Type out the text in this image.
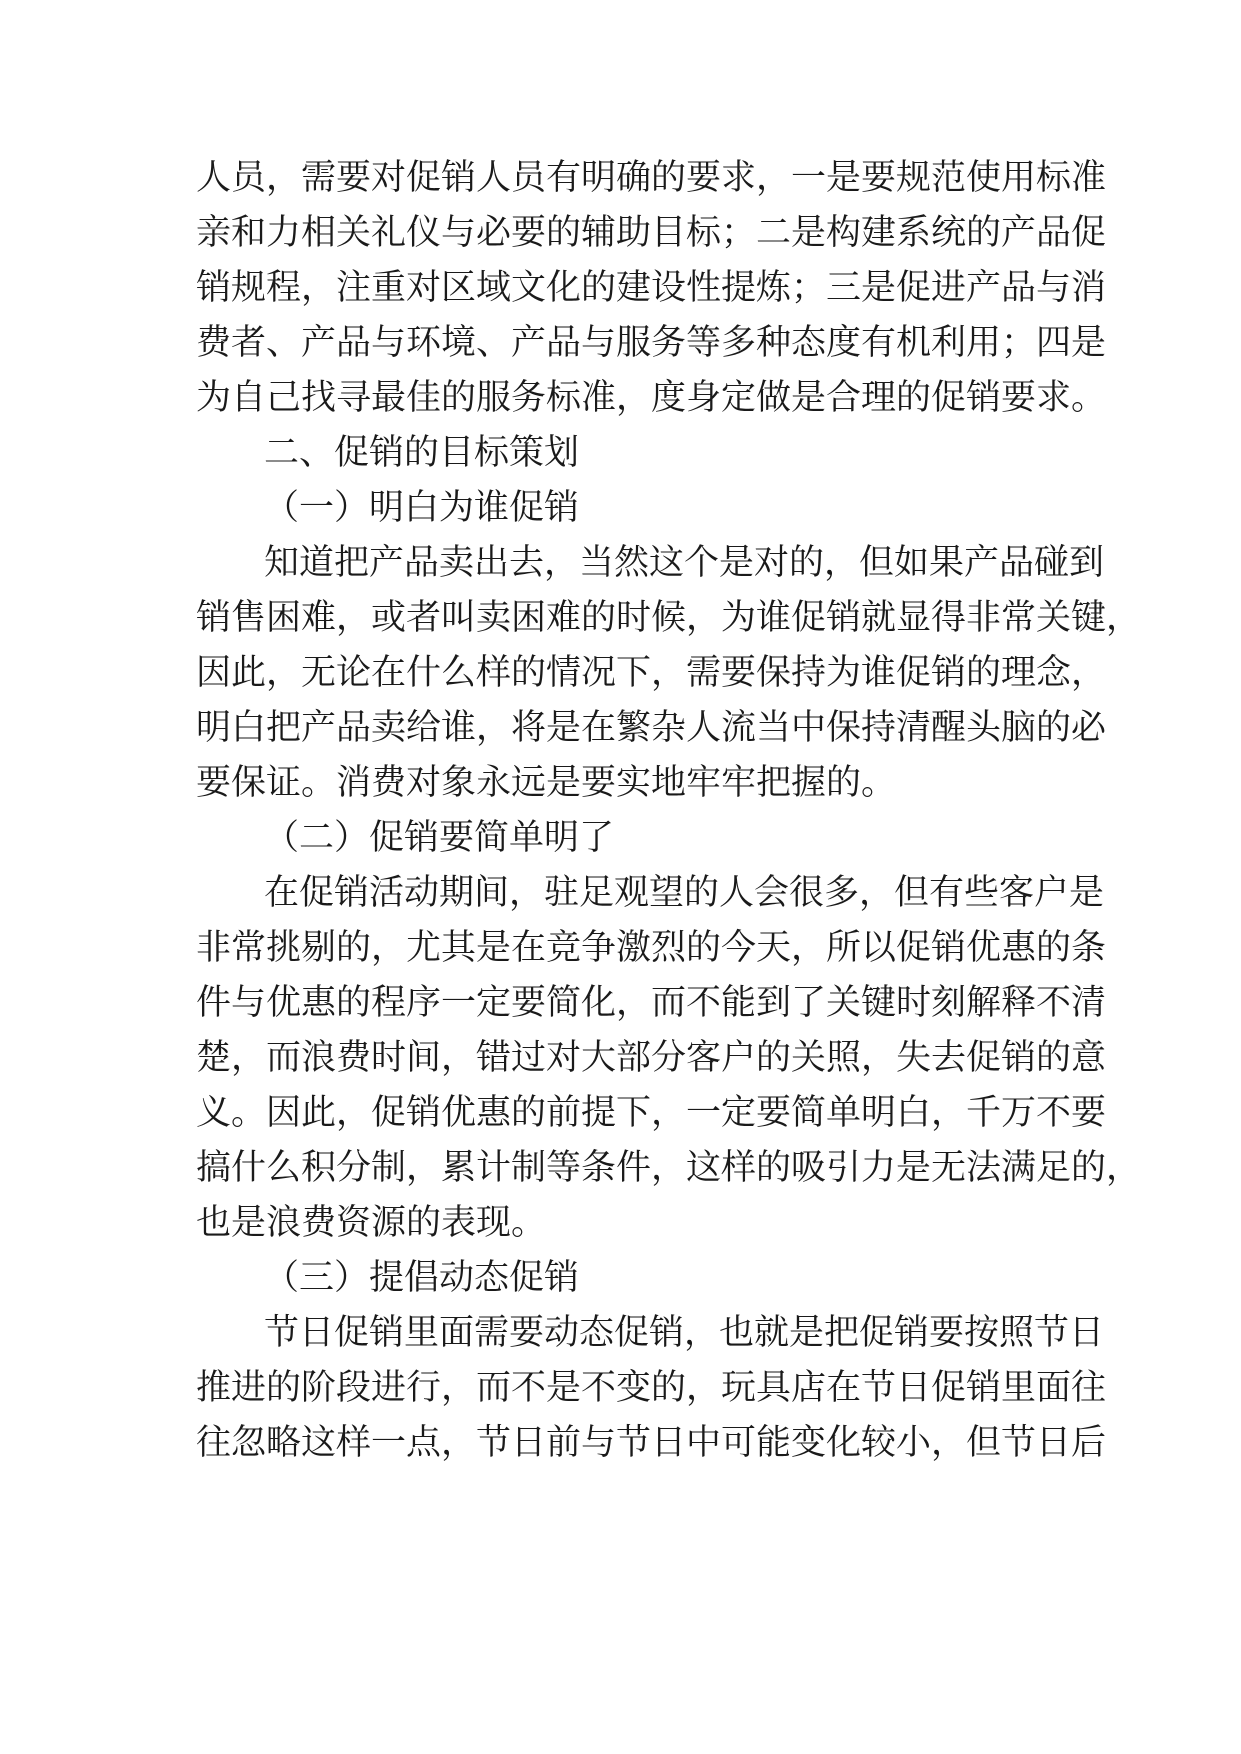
人员，需要对促销人员有明确的要求，一是要规范使用标准
亲和力相关礼仪与必要的辅助目标；二是构建系统的产品促
销规程，注重对区域文化的建设性提炼；三是促进产品与消
费者、产品与环境、产品与服务等多种态度有机利用；四是
为自己找寻最佳的服务标准，度身定做是合理的促销要求。
二、促销的目标策划
（一）明白为谁促销
知道把产品卖出去，当然这个是对的，但如果产品碰到
销售困难，或者叫卖困难的时候，为谁促销就显得非常关键，
因此，无论在什么样的情况下，需要保持为谁促销的理念，
明白把产品卖给谁，将是在繁杂人流当中保持清醒头脑的必
要保证。消费对象永远是要实地牢牢把握的。
（二）促销要简单明了
在促销活动期间，驻足观望的人会很多，但有些客户是
非常挑剔的，尤其是在竞争激烈的今天，所以促销优惠的条
件与优惠的程序一定要简化，而不能到了关键时刻解释不清
楚，而浪费时间，错过对大部分客户的关照，失去促销的意
义。因此，促销优惠的前提下，一定要简单明白，千万不要
搞什么积分制，累计制等条件，这样的吸引力是无法满足的，
也是浪费资源的表现。
（三）提倡动态促销
节日促销里面需要动态促销，也就是把促销要按照节日
推进的阶段进行，而不是不变的，玩具店在节日促销里面往
往忽略这样一点，节日前与节日中可能变化较小，但节日后
